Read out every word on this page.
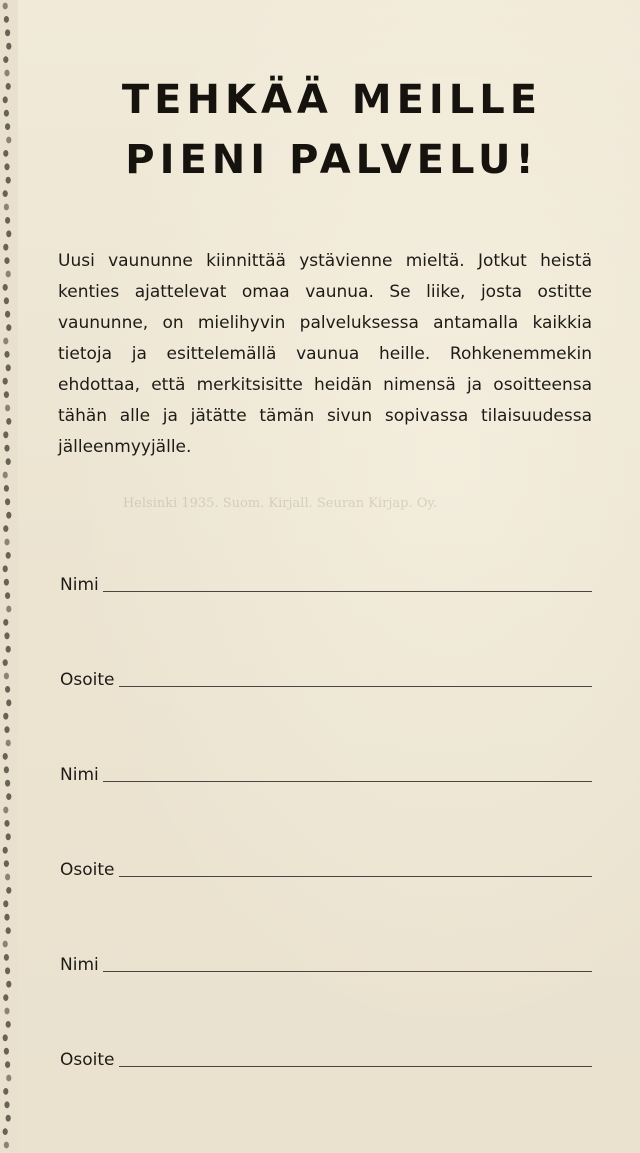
Helsinki 1935. Suom. Kirjall. Seuran Kirjap. Oy.
TEHKÄÄ MEILLE
PIENI PALVELU!

Uusi vaununne kiinnittää ystävienne mieltä. Jotkut heistä kenties ajattelevat omaa vaunua. Se liike, josta ostitte vaununne, on mielihyvin palveluksessa antamalla kaikkia tietoja ja esittelemällä vaunua heille. Rohkenemmekin ehdottaa, että merkitsisitte heidän nimensä ja osoitteensa tähän alle ja jätätte tämän sivun sopivassa tilaisuudessa jälleenmyyjälle.

Nimi
Osoite
Nimi
Osoite
Nimi
Osoite
